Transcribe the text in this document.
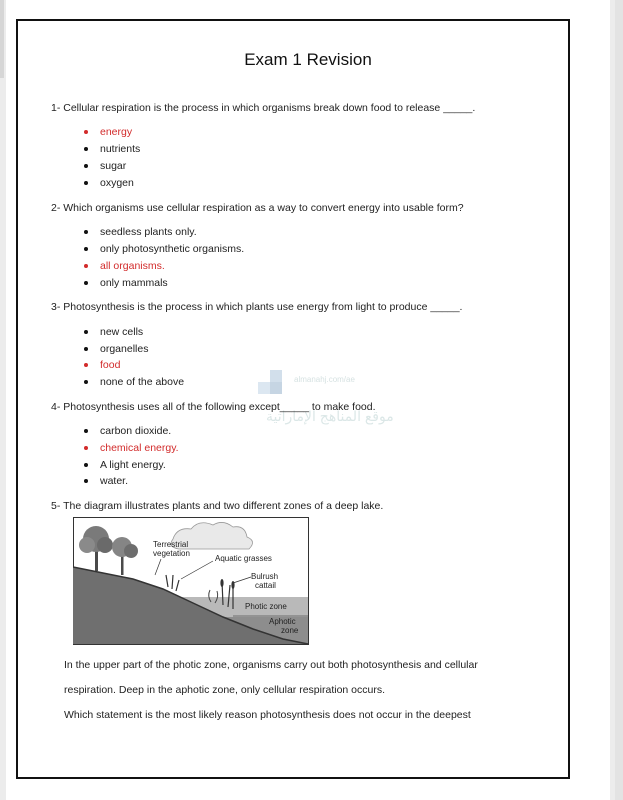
Exam 1 Revision
1- Cellular respiration is the process in which organisms break down food to release _____.
energy
nutrients
sugar
oxygen
2- Which organisms use cellular respiration as a way to convert energy into usable form?
seedless plants only.
only photosynthetic organisms.
all organisms.
only mammals
3- Photosynthesis is the process in which plants use energy from light to produce _____.
new cells
organelles
food
none of the above	almanahj.com/ae
موقع المناهج الإماراتية
4- Photosynthesis uses all of the following except_____ to make food.
carbon dioxide.
chemical energy.
A light energy.
water.
5- The diagram illustrates plants and two different zones of a deep lake.
Terrestrial
vegetation
Aquatic grasses
Bulrush
cattail
Photic zone
Aphotic
zone
In the upper part of the photic zone, organisms carry out both photosynthesis and cellular
respiration. Deep in the aphotic zone, only cellular respiration occurs.
Which statement is the most likely reason photosynthesis does not occur in the deepest
